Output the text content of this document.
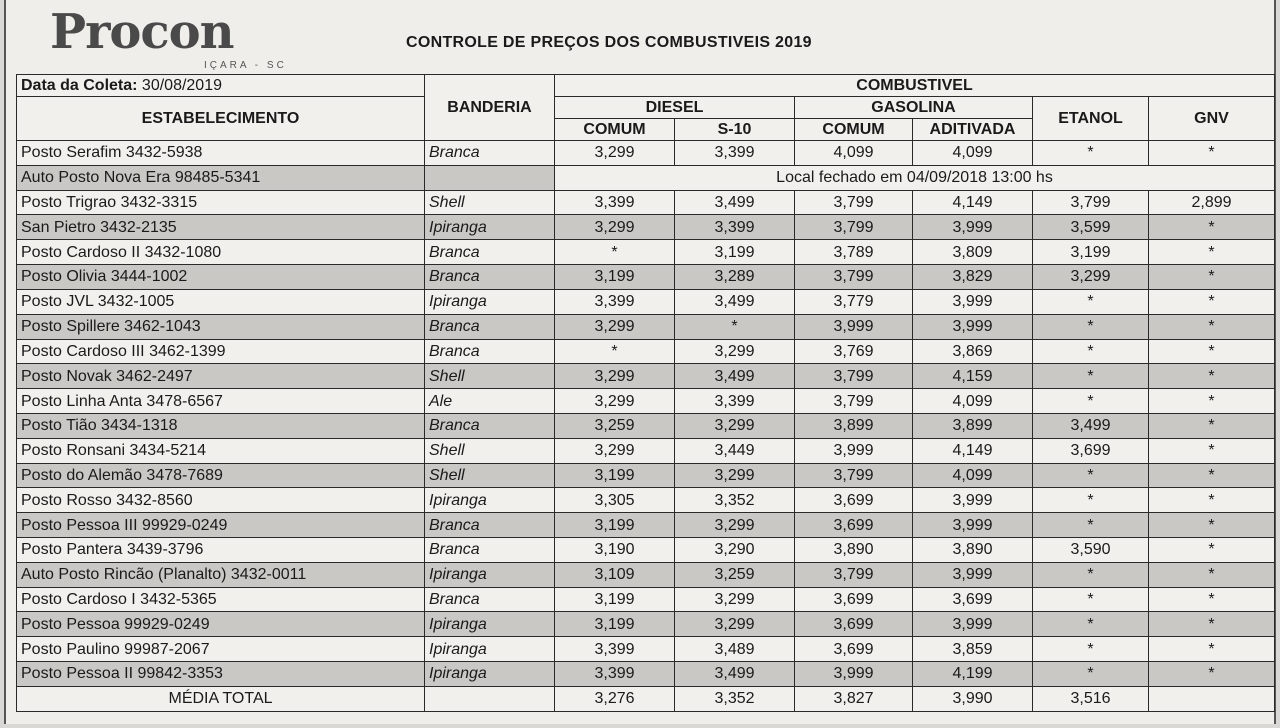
Procon
IÇARA - SC
CONTROLE DE PREÇOS DOS COMBUSTIVEIS 2019
Data da Coleta: 30/08/2019	BANDERIA	COMBUSTIVEL					
ESTABELECIMENTO		DIESEL		GASOLINA		ETANOL	GNV
		COMUM	S-10	COMUM	ADITIVADA		
Posto Serafim 3432-5938	Branca	3,299	3,399	4,099	4,099	*	*
Auto Posto Nova Era 98485-5341		Local fechado em 04/09/2018 13:00 hs					
Posto Trigrao 3432-3315	Shell	3,399	3,499	3,799	4,149	3,799	2,899
San Pietro 3432-2135	Ipiranga	3,299	3,399	3,799	3,999	3,599	*
Posto Cardoso II 3432-1080	Branca	*	3,199	3,789	3,809	3,199	*
Posto Olivia 3444-1002	Branca	3,199	3,289	3,799	3,829	3,299	*
Posto JVL 3432-1005	Ipiranga	3,399	3,499	3,779	3,999	*	*
Posto Spillere 3462-1043	Branca	3,299	*	3,999	3,999	*	*
Posto Cardoso III 3462-1399	Branca	*	3,299	3,769	3,869	*	*
Posto Novak 3462-2497	Shell	3,299	3,499	3,799	4,159	*	*
Posto Linha Anta 3478-6567	Ale	3,299	3,399	3,799	4,099	*	*
Posto Tião 3434-1318	Branca	3,259	3,299	3,899	3,899	3,499	*
Posto Ronsani 3434-5214	Shell	3,299	3,449	3,999	4,149	3,699	*
Posto do Alemão 3478-7689	Shell	3,199	3,299	3,799	4,099	*	*
Posto Rosso 3432-8560	Ipiranga	3,305	3,352	3,699	3,999	*	*
Posto Pessoa III 99929-0249	Branca	3,199	3,299	3,699	3,999	*	*
Posto Pantera 3439-3796	Branca	3,190	3,290	3,890	3,890	3,590	*
Auto Posto Rincão (Planalto) 3432-0011	Ipiranga	3,109	3,259	3,799	3,999	*	*
Posto Cardoso I 3432-5365	Branca	3,199	3,299	3,699	3,699	*	*
Posto Pessoa 99929-0249	Ipiranga	3,199	3,299	3,699	3,999	*	*
Posto Paulino 99987-2067	Ipiranga	3,399	3,489	3,699	3,859	*	*
Posto Pessoa II 99842-3353	Ipiranga	3,399	3,499	3,999	4,199	*	*
MÉDIA TOTAL		3,276	3,352	3,827	3,990	3,516	
